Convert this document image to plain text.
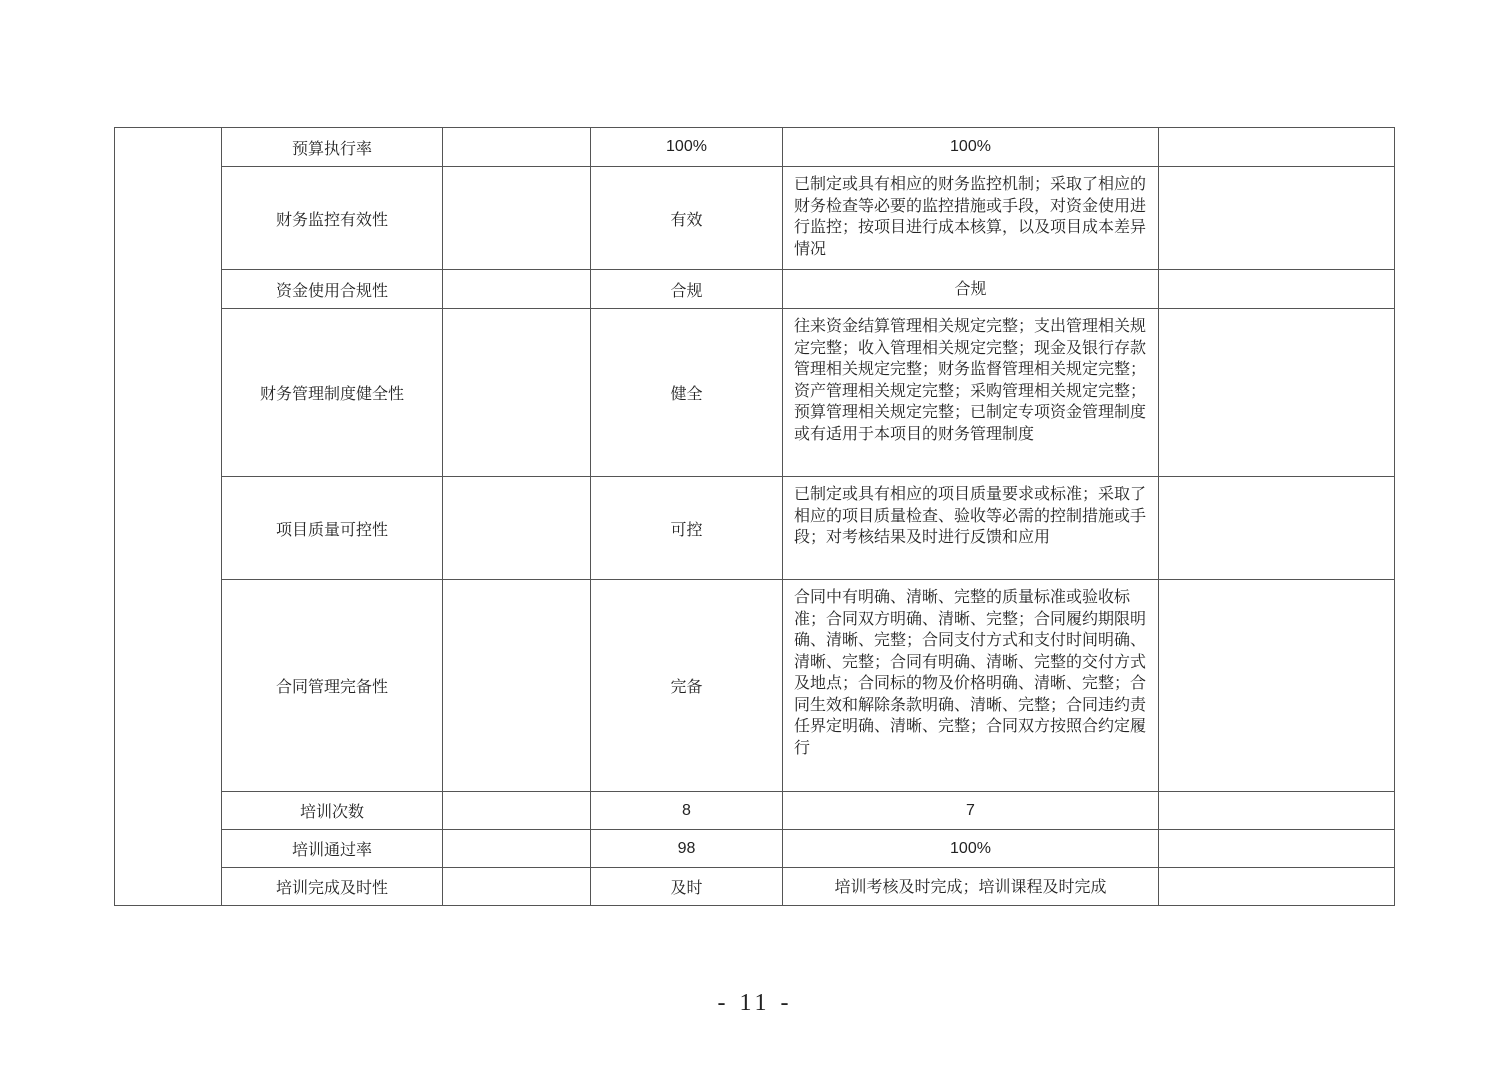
	预算执行率		100%	100%	
	财务监控有效性		有效	已制定或具有相应的财务监控机制；采取了相应的财务检查等必要的监控措施或手段，对资金使用进行监控；按项目进行成本核算，以及项目成本差异情况	
	资金使用合规性		合规	合规	
	财务管理制度健全性		健全	往来资金结算管理相关规定完整；支出管理相关规定完整；收入管理相关规定完整；现金及银行存款管理相关规定完整；财务监督管理相关规定完整；资产管理相关规定完整；采购管理相关规定完整；预算管理相关规定完整；已制定专项资金管理制度或有适用于本项目的财务管理制度	
	项目质量可控性		可控	已制定或具有相应的项目质量要求或标准；采取了相应的项目质量检查、验收等必需的控制措施或手段；对考核结果及时进行反馈和应用	
	合同管理完备性		完备	合同中有明确、清晰、完整的质量标准或验收标准；合同双方明确、清晰、完整；合同履约期限明确、清晰、完整；合同支付方式和支付时间明确、清晰、完整；合同有明确、清晰、完整的交付方式及地点；合同标的物及价格明确、清晰、完整；合同生效和解除条款明确、清晰、完整；合同违约责任界定明确、清晰、完整；合同双方按照合约定履行	
	培训次数		8	7	
	培训通过率		98	100%	
	培训完成及时性		及时	培训考核及时完成；培训课程及时完成	
- 11 -
